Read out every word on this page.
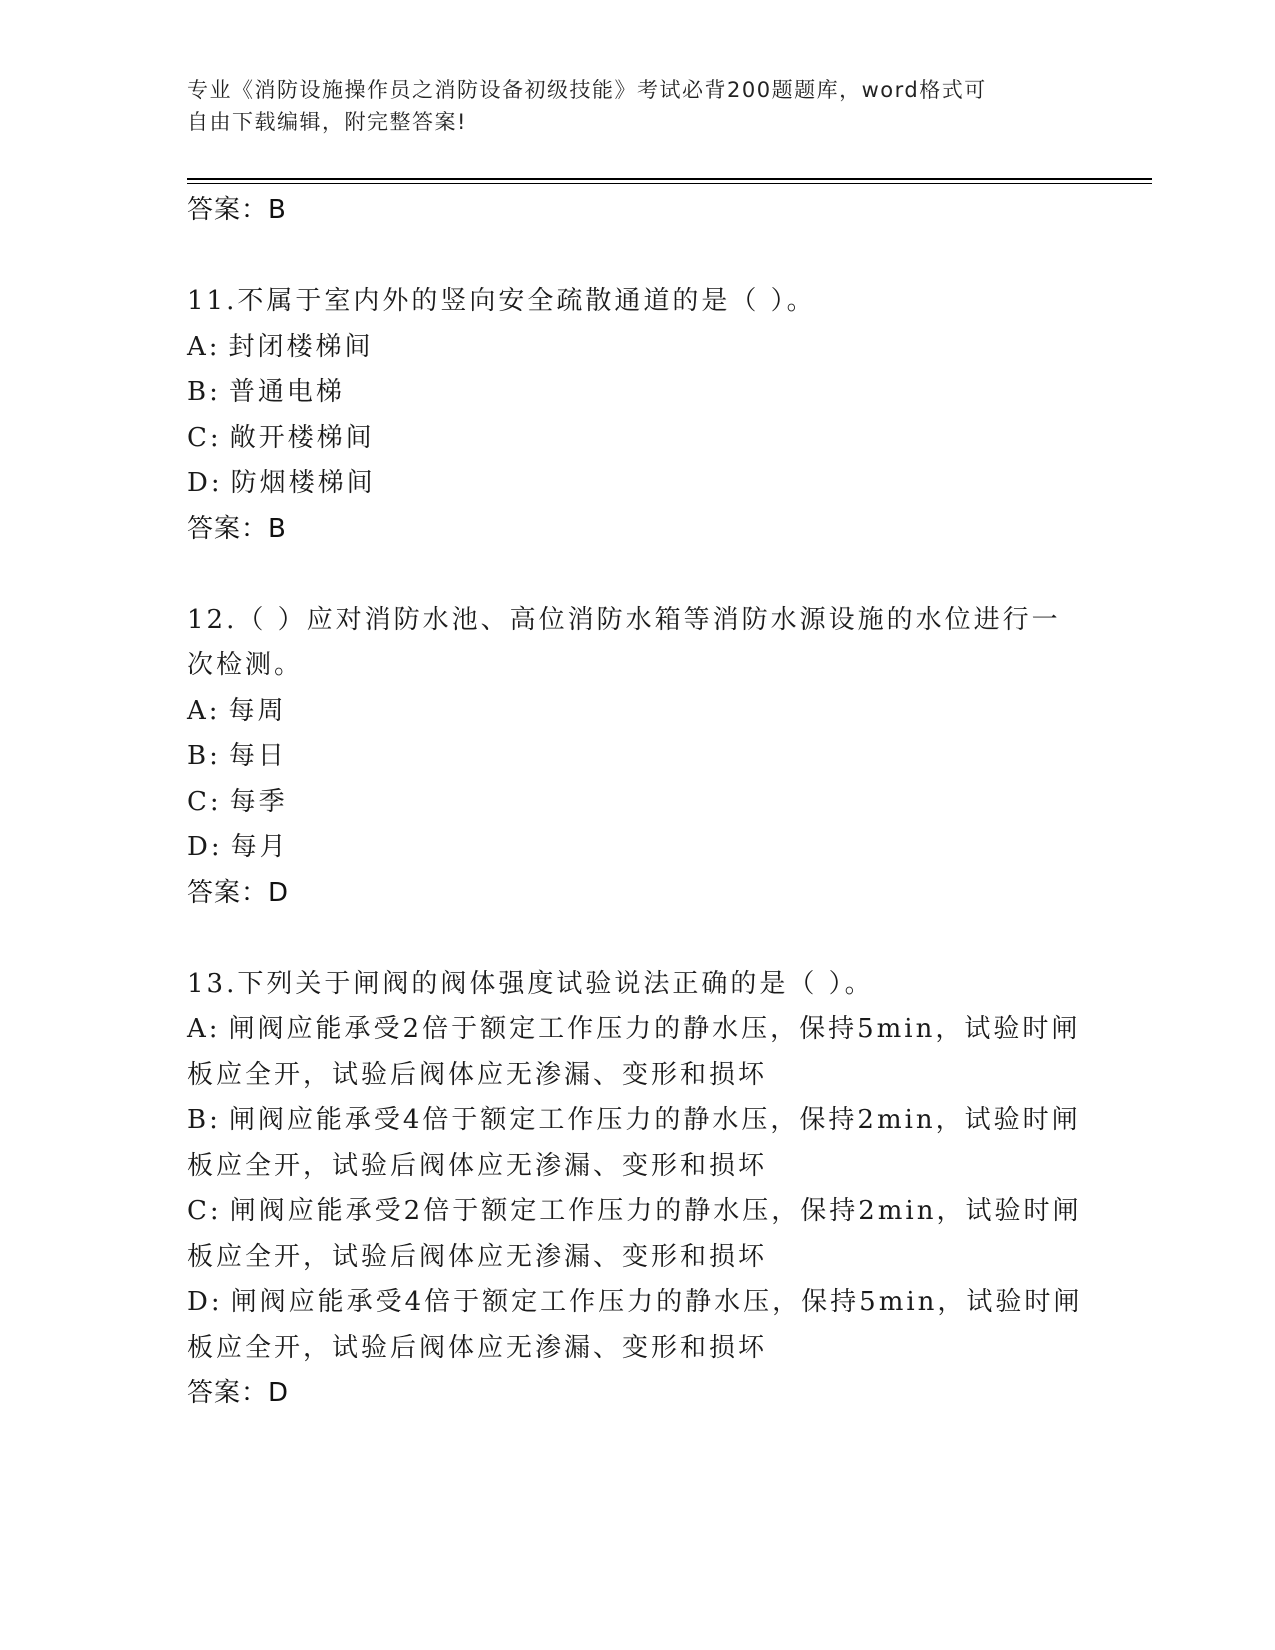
专业《消防设施操作员之消防设备初级技能》考试必背200题题库，word格式可
自由下载编辑，附完整答案!
答案：B
11.不属于室内外的竖向安全疏散通道的是（ ）。
A: 封闭楼梯间
B: 普通电梯
C: 敞开楼梯间
D: 防烟楼梯间
答案：B
12.（ ）应对消防水池、高位消防水箱等消防水源设施的水位进行一
次检测。
A: 每周
B: 每日
C: 每季
D: 每月
答案：D
13.下列关于闸阀的阀体强度试验说法正确的是（ ）。
A: 闸阀应能承受2倍于额定工作压力的静水压，保持5min，试验时闸
板应全开，试验后阀体应无渗漏、变形和损坏
B: 闸阀应能承受4倍于额定工作压力的静水压，保持2min，试验时闸
板应全开，试验后阀体应无渗漏、变形和损坏
C: 闸阀应能承受2倍于额定工作压力的静水压，保持2min，试验时闸
板应全开，试验后阀体应无渗漏、变形和损坏
D: 闸阀应能承受4倍于额定工作压力的静水压，保持5min，试验时闸
板应全开，试验后阀体应无渗漏、变形和损坏
答案：D
